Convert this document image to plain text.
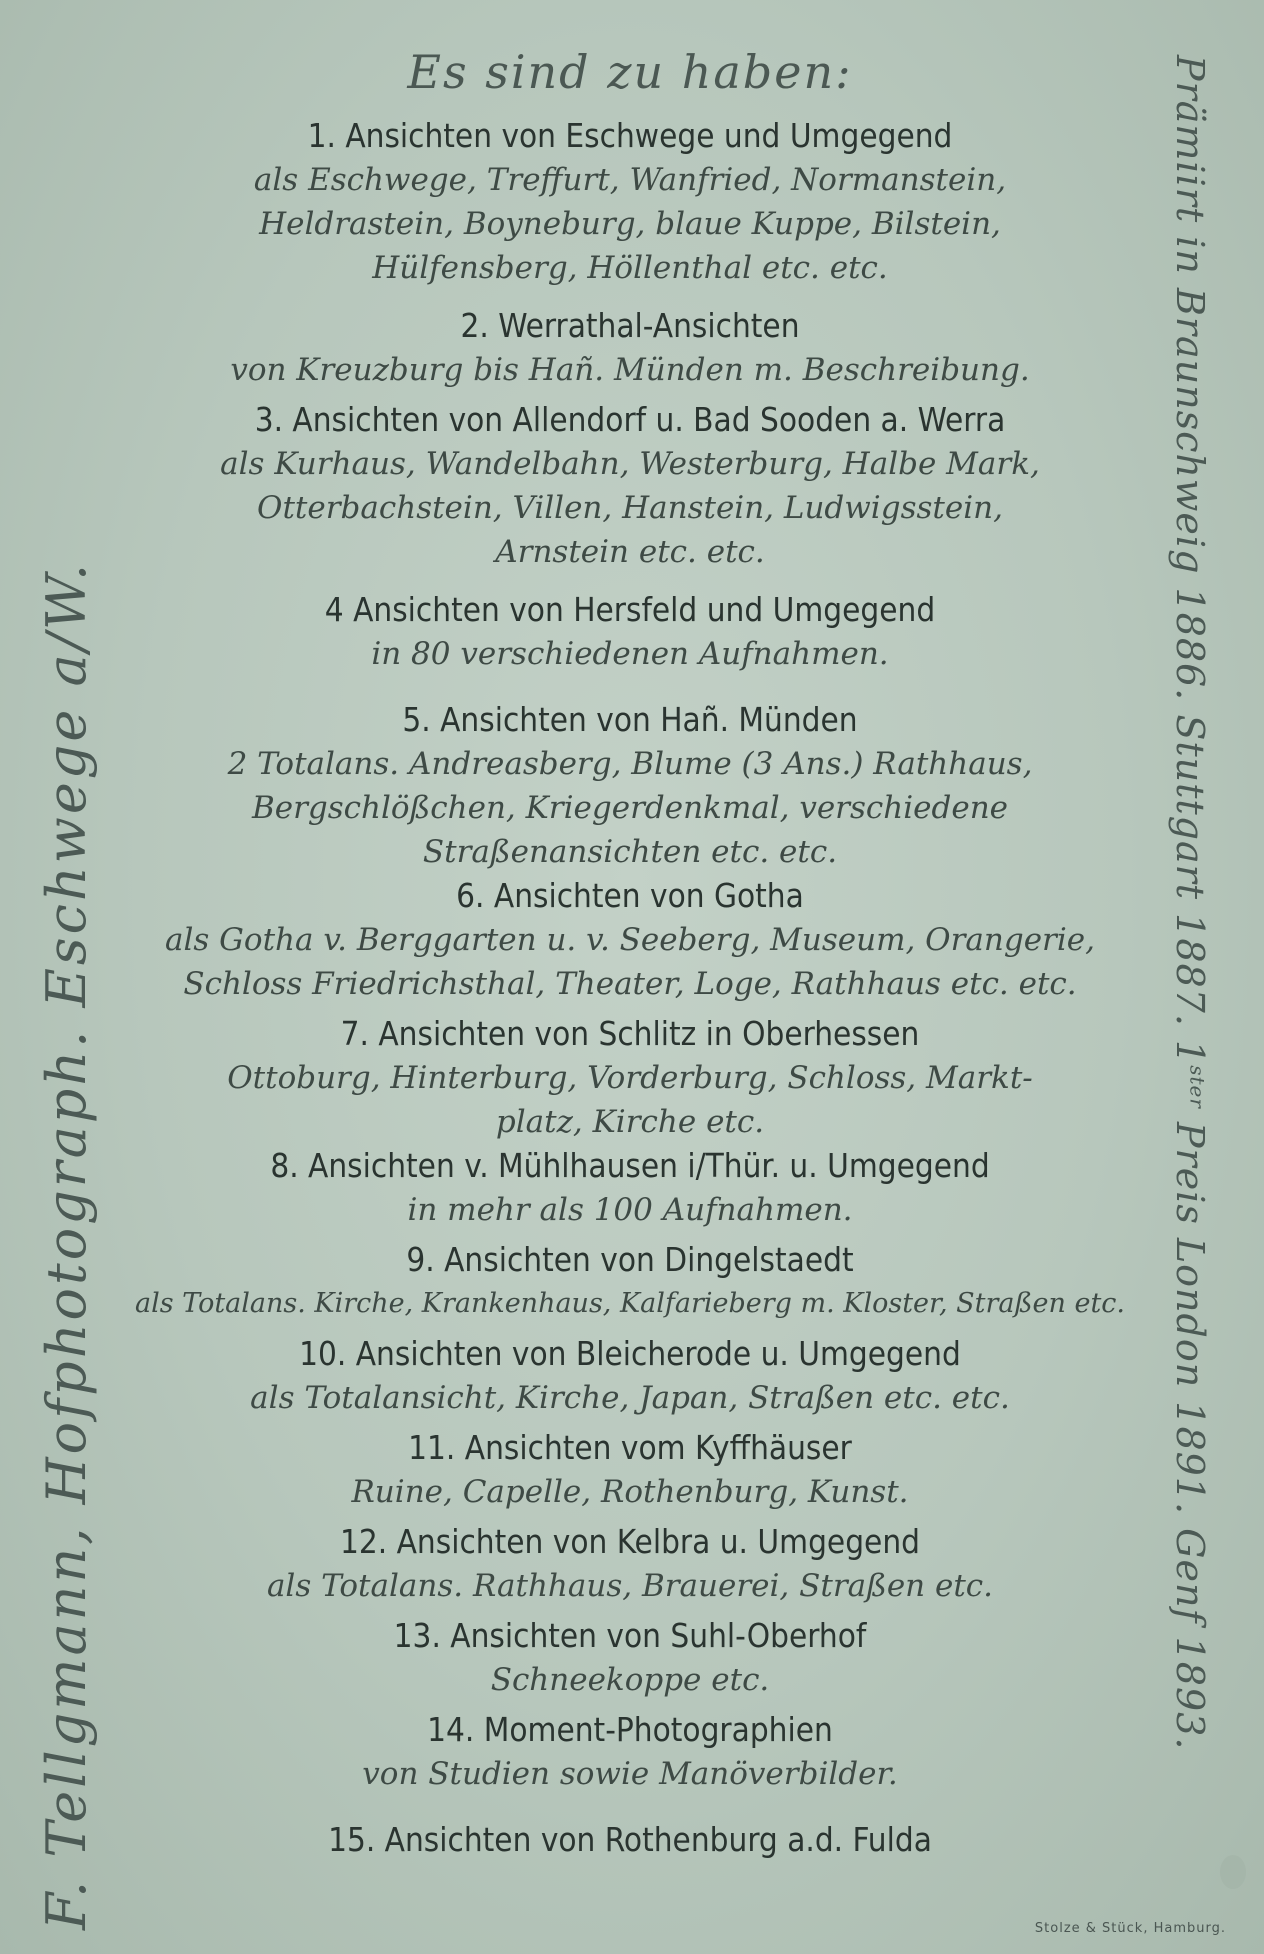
F. Tellgmann, Hofphotograph. Eschwege a/W.
Prämiirt in Braunschweig 1886. Stuttgart 1887. $1^{ster}$ Preis London 1891. Genf 1893.
Es sind zu haben:
1. Ansichten von Eschwege und Umgegend
als Eschwege, Treffurt, Wanfried, Normanstein,
Heldrastein, Boyneburg, blaue Kuppe, Bilstein,
Hülfensberg, Höllenthal etc. etc.
2. Werrathal-Ansichten
von Kreuzburg bis Hañ. Münden m. Beschreibung.
3. Ansichten von Allendorf u. Bad Sooden a. Werra
als Kurhaus, Wandelbahn, Westerburg, Halbe Mark,
Otterbachstein, Villen, Hanstein, Ludwigsstein,
Arnstein etc. etc.
4 Ansichten von Hersfeld und Umgegend
in 80 verschiedenen Aufnahmen.
5. Ansichten von Hañ. Münden
2 Totalans. Andreasberg, Blume (3 Ans.) Rathhaus,
Bergschlößchen, Kriegerdenkmal, verschiedene
Straßenansichten etc. etc.
6. Ansichten von Gotha
als Gotha v. Berggarten u. v. Seeberg, Museum, Orangerie,
Schloss Friedrichsthal, Theater, Loge, Rathhaus etc. etc.
7. Ansichten von Schlitz in Oberhessen
Ottoburg, Hinterburg, Vorderburg, Schloss, Markt-
platz, Kirche etc.
8. Ansichten v. Mühlhausen i/Thür. u. Umgegend
in mehr als 100 Aufnahmen.
9. Ansichten von Dingelstaedt
als Totalans. Kirche, Krankenhaus, Kalfarieberg m. Kloster, Straßen etc.
10. Ansichten von Bleicherode u. Umgegend
als Totalansicht, Kirche, Japan, Straßen etc. etc.
11. Ansichten vom Kyffhäuser
Ruine, Capelle, Rothenburg, Kunst.
12. Ansichten von Kelbra u. Umgegend
als Totalans. Rathhaus, Brauerei, Straßen etc.
13. Ansichten von Suhl-Oberhof
Schneekoppe etc.
14. Moment-Photographien
von Studien sowie Manöverbilder.
15. Ansichten von Rothenburg a.d. Fulda
Stolze & Stück, Hamburg.
